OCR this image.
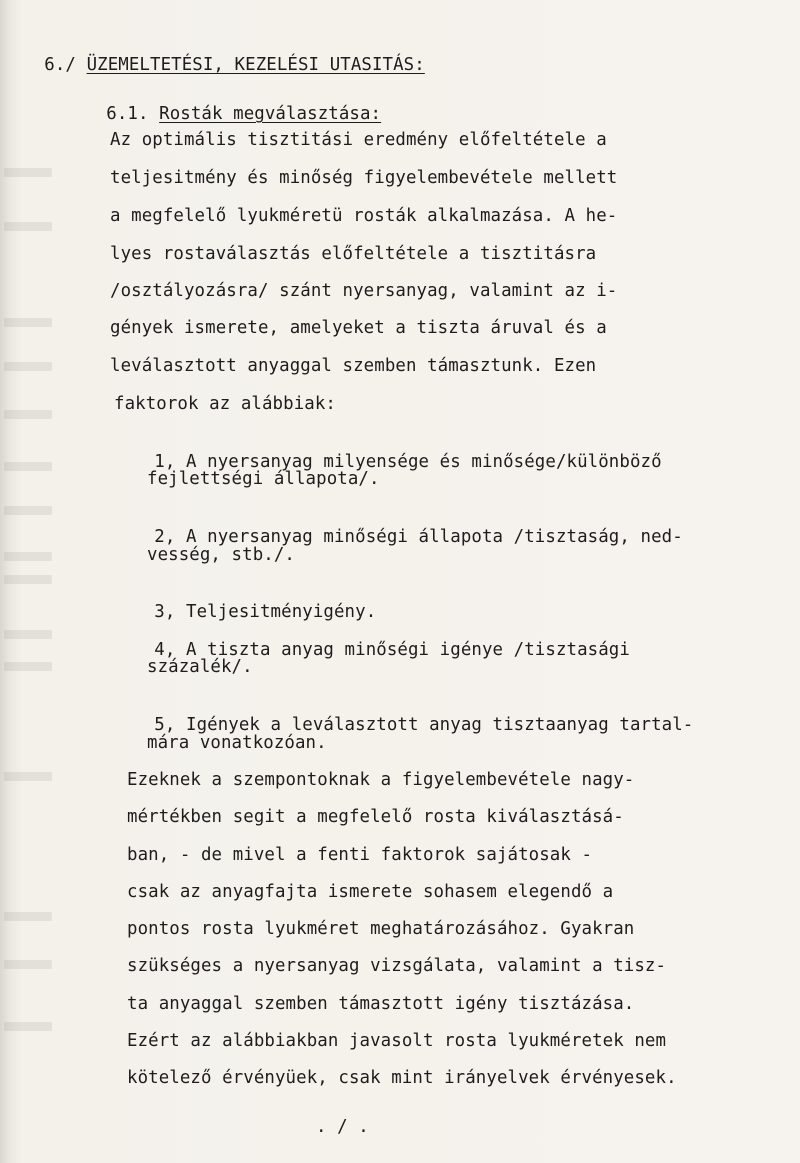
6./ ÜZEMELTETÉSI, KEZELÉSI UTASITÁS:

6.1. Rosták megválasztása:

Az optimális tisztitási eredmény előfeltétele a
teljesitmény és minőség figyelembevétele mellett
a megfelelő lyukméretü rosták alkalmazása. A he-
lyes rostaválasztás előfeltétele a tisztitásra
/osztályozásra/ szánt nyersanyag, valamint az i-
gények ismerete, amelyeket a tiszta áruval és a
leválasztott anyaggal szemben támasztunk. Ezen
faktorok az alábbiak:

1, A nyersanyag milyensége és minősége/különböző

fejlettségi állapota/.

2, A nyersanyag minőségi állapota /tisztaság, ned-

vesség, stb./.

3, Teljesitményigény.

4, A tiszta anyag minőségi igénye /tisztasági

százalék/.

5, Igények a leválasztott anyag tisztaanyag tartal-

mára vonatkozóan.
Ezeknek a szempontoknak a figyelembevétele nagy-
mértékben segit a megfelelő rosta kiválasztásá-
ban, - de mivel a fenti faktorok sajátosak -
csak az anyagfajta ismerete sohasem elegendő a
pontos rosta lyukméret meghatározásához. Gyakran
szükséges a nyersanyag vizsgálata, valamint a tisz-
ta anyaggal szemben támasztott igény tisztázása.
Ezért az alábbiakban javasolt rosta lyukméretek nem
kötelező érvényüek, csak mint irányelvek érvényesek.
. / .
